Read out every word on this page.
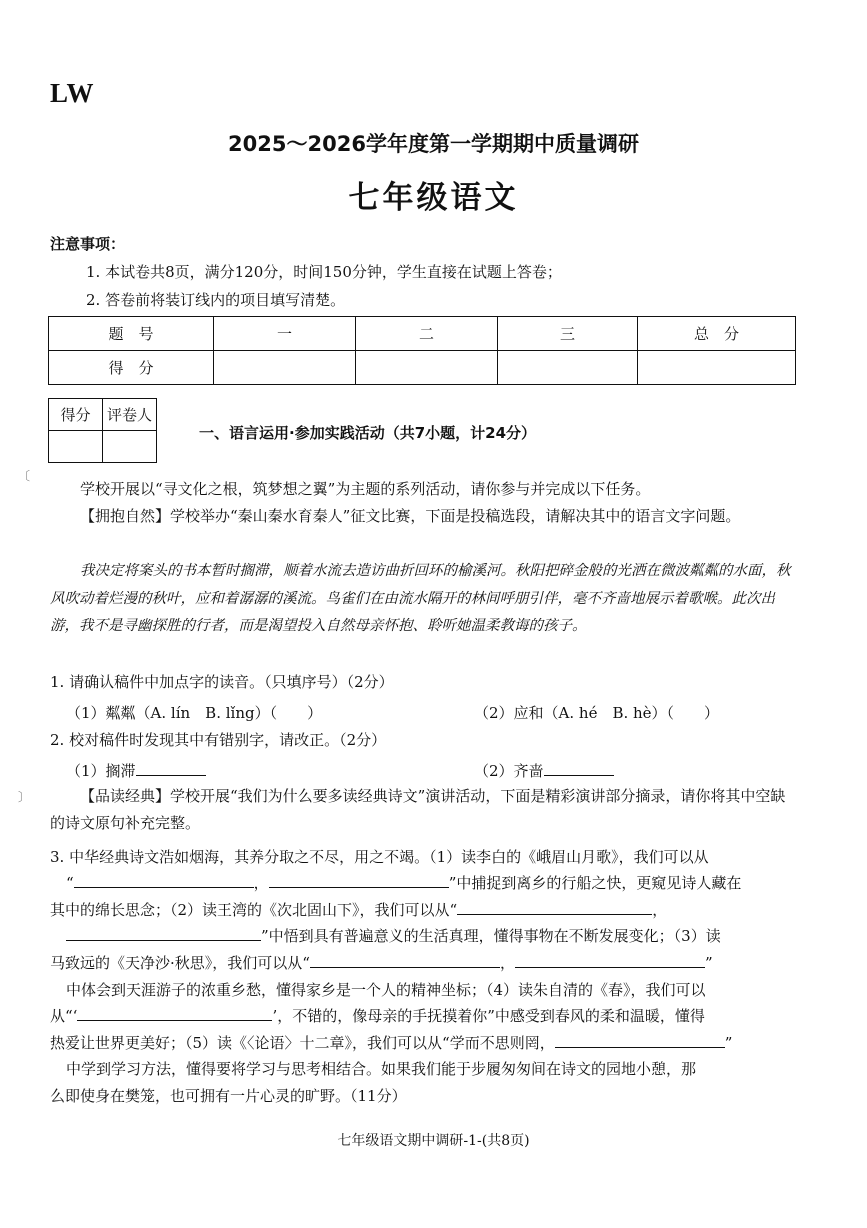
LW
2025～2026学年度第一学期期中质量调研
七年级语文
注意事项：
1. 本试卷共8页，满分120分，时间150分钟，学生直接在试题上答卷；
2. 答卷前将装订线内的项目填写清楚。
题　号	一	二	三	总　分
得　分				
得分	评卷人

一、语言运用·参加实践活动（共7小题，计24分）
〔
〕
学校开展以“寻文化之根，筑梦想之翼”为主题的系列活动，请你参与并完成以下任务。
【拥抱自然】学校举办“秦山秦水育秦人”征文比赛，下面是投稿选段，请解决其中的语言文字问题。
我决定将案头的书本暂时搁滞，顺着水流去造访曲折回环的榆溪河。秋阳把碎金般的光洒在微波粼粼的水面，秋风吹动着烂漫的秋叶，应和着潺潺的溪流。鸟雀们在由流水隔开的林间呼朋引伴，毫不齐啬地展示着歌喉。此次出游，我不是寻幽探胜的行者，而是渴望投入自然母亲怀抱、聆听她温柔教诲的孩子。
1. 请确认稿件中加点字的读音。（只填序号）（2分）
（1）粼粼（A. lín　B. lǐng）（　　）	（2）应和（A. hé　B. hè）（　　）
2. 校对稿件时发现其中有错别字，请改正。（2分）
（1）搁滞	（2）齐啬
【品读经典】学校开展“我们为什么要多读经典诗文”演讲活动，下面是精彩演讲部分摘录，请你将其中空缺的诗文原句补充完整。
3. 中华经典诗文浩如烟海，其养分取之不尽，用之不竭。（1）读李白的《峨眉山月歌》，我们可以从
“	，	”中捕捉到离乡的行船之快，更窥见诗人藏在
其中的绵长思念；（2）读王湾的《次北固山下》，我们可以从“	，
”中悟到具有普遍意义的生活真理，懂得事物在不断发展变化；（3）读
马致远的《天净沙·秋思》，我们可以从“	，	”
中体会到天涯游子的浓重乡愁，懂得家乡是一个人的精神坐标；（4）读朱自清的《春》，我们可以
从“‘	’，不错的，像母亲的手抚摸着你”中感受到春风的柔和温暖，懂得
热爱让世界更美好；（5）读《〈论语〉十二章》，我们可以从“学而不思则罔，	”
中学到学习方法，懂得要将学习与思考相结合。如果我们能于步履匆匆间在诗文的园地小憩，那
么即使身在樊笼，也可拥有一片心灵的旷野。（11分）
七年级语文期中调研-1-(共8页)
